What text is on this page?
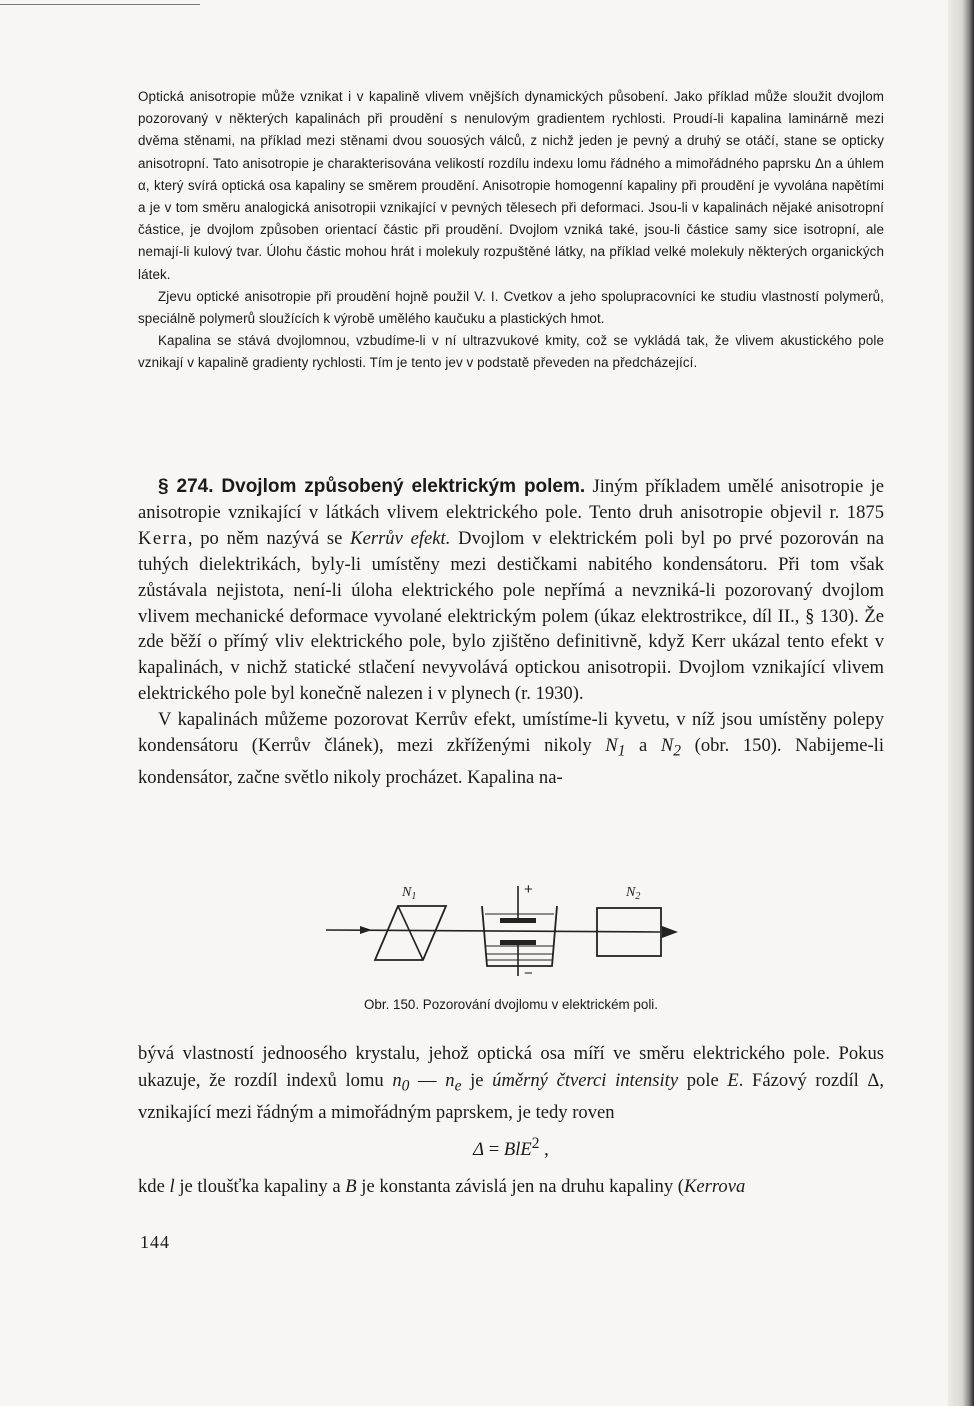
Optická anisotropie může vznikat i v kapalině vlivem vnějších dynamických působení. Jako příklad může sloužit dvojlom pozorovaný v některých kapalinách při proudění s nenulovým gradientem rychlosti. Proudí-li kapalina laminárně mezi dvěma stěnami, na příklad mezi stěnami dvou souosých válců, z nichž jeden je pevný a druhý se otáčí, stane se opticky anisotropní. Tato anisotropie je charakterisována velikostí rozdílu indexu lomu řádného a mimořádného paprsku Δn a úhlem α, který svírá optická osa kapaliny se směrem proudění. Anisotropie homogenní kapaliny při proudění je vyvolána napětími a je v tom směru analogická anisotropii vznikající v pevných tělesech při deformaci. Jsou-li v kapalinách nějaké anisotropní částice, je dvojlom způsoben orientací částic při proudění. Dvojlom vzniká také, jsou-li částice samy sice isotropní, ale nemají-li kulový tvar. Úlohu částic mohou hrát i molekuly rozpuštěné látky, na příklad velké molekuly některých organických látek.

Zjevu optické anisotropie při proudění hojně použil V. I. Cvetkov a jeho spolupracovníci ke studiu vlastností polymerů, speciálně polymerů sloužících k výrobě umělého kaučuku a plastických hmot.

Kapalina se stává dvojlomnou, vzbudíme-li v ní ultrazvukové kmity, což se vykládá tak, že vlivem akustického pole vznikají v kapalině gradienty rychlosti. Tím je tento jev v podstatě převeden na předcházející.

§ 274. Dvojlom způsobený elektrickým polem. Jiným příkladem umělé anisotropie je anisotropie vznikající v látkách vlivem elektrického pole. Tento druh anisotropie objevil r. 1875 Kerra, po něm nazývá se Kerrův efekt. Dvojlom v elektrickém poli byl po prvé pozorován na tuhých dielektrikách, byly-li umístěny mezi destičkami nabitého kondensátoru. Při tom však zůstávala nejistota, není-li úloha elektrického pole nepřímá a nevzniká-li pozorovaný dvojlom vlivem mechanické deformace vyvolané elektrickým polem (úkaz elektrostrikce, díl II., § 130). Že zde běží o přímý vliv elektrického pole, bylo zjištěno definitivně, když Kerr ukázal tento efekt v kapalinách, v nichž statické stlačení nevyvolává optickou anisotropii. Dvojlom vznikající vlivem elektrického pole byl konečně nalezen i v plynech (r. 1930).

V kapalinách můžeme pozorovat Kerrův efekt, umístíme-li kyvetu, v níž jsou umístěny polepy kondensátoru (Kerrův článek), mezi zkříženými nikoly $N_1$ a $N_2$ (obr. 150). Nabijeme-li kondensátor, začne světlo nikoly procházet. Kapalina na-

$N_1$	+
−
$N_2$
Obr. 150. Pozorování dvojlomu v elektrickém poli.

bývá vlastností jednoosého krystalu, jehož optická osa míří ve směru elektrického pole. Pokus ukazuje, že rozdíl indexů lomu $n_0$ — $n_e$ je úměrný čtverci intensity pole E. Fázový rozdíl Δ, vznikající mezi řádným a mimořádným paprskem, je tedy roven

Δ = BlE$^2$ ,

kde l je tloušťka kapaliny a B je konstanta závislá jen na druhu kapaliny (Kerrova

144
